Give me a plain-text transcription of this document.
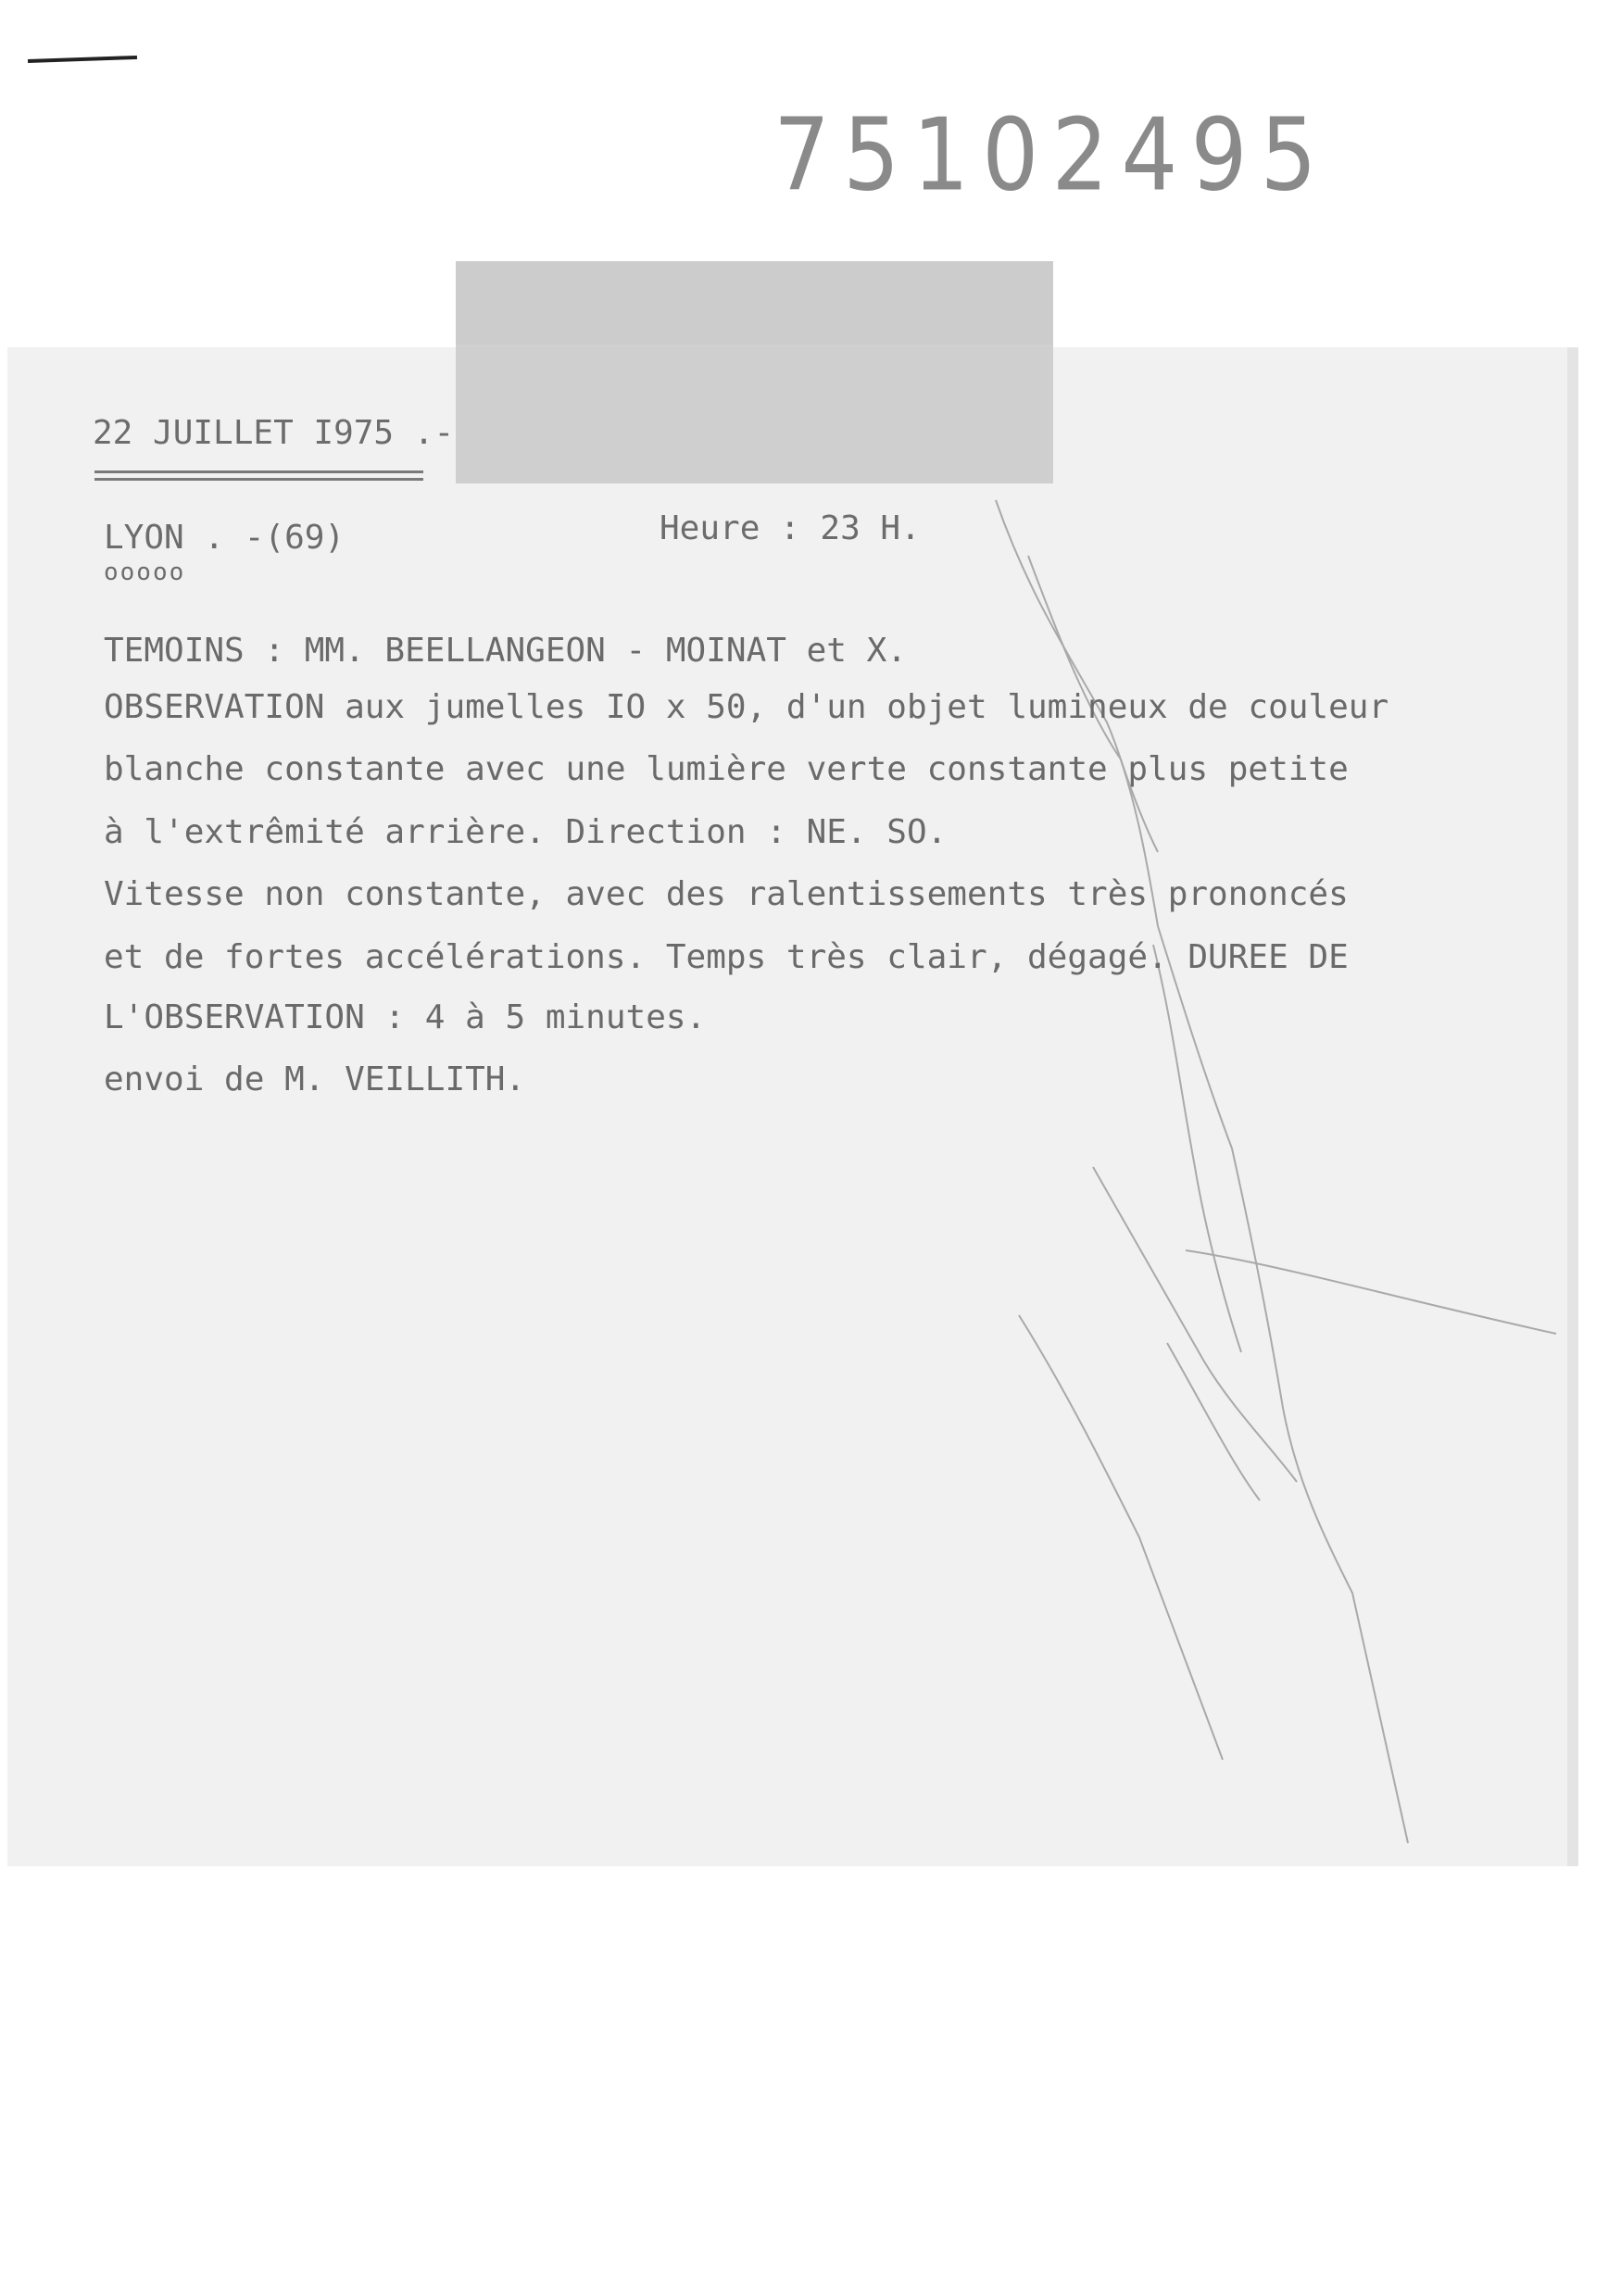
75102495
22 JUILLET I975 .-
LYON . -(69)
ooooo
Heure : 23 H.
TEMOINS : MM. BEELLANGEON - MOINAT et X.
OBSERVATION aux jumelles IO x 50, d'un objet lumineux de couleur
blanche constante avec une lumière verte constante plus petite
à l'extrêmité arrière. Direction : NE. SO.
Vitesse non constante, avec des ralentissements très prononcés
et de fortes accélérations. Temps très clair, dégagé. DUREE DE
L'OBSERVATION : 4 à 5 minutes.
envoi de M. VEILLITH.
